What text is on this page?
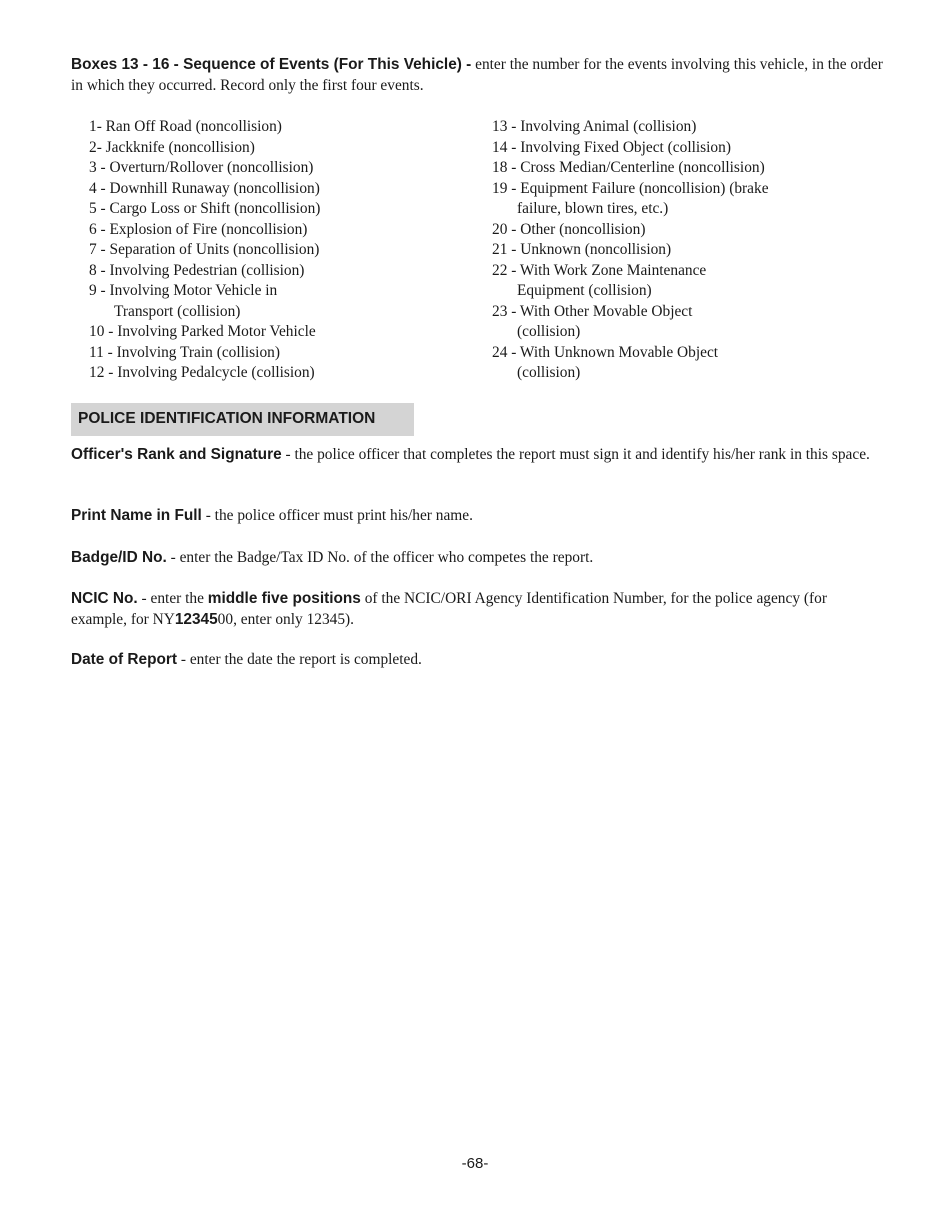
Boxes 13 - 16 - Sequence of Events (For This Vehicle) - enter the number for the events involving this vehicle, in the order in which they occurred. Record only the first four events.

1- Ran Off Road (noncollision)
2- Jackknife (noncollision)
3 - Overturn/Rollover (noncollision)
4 - Downhill Runaway (noncollision)
5 - Cargo Loss or Shift (noncollision)
6 - Explosion of Fire (noncollision)
7 - Separation of Units (noncollision)
8 - Involving Pedestrian (collision)
9 - Involving Motor Vehicle in Transport (collision)
10 - Involving Parked Motor Vehicle
11 - Involving Train (collision)
12 - Involving Pedalcycle (collision)
13 - Involving Animal (collision)
14 - Involving Fixed Object (collision)
18 - Cross Median/Centerline (noncollision)
19 - Equipment Failure (noncollision) (brake failure, blown tires, etc.)
20 - Other (noncollision)
21 - Unknown (noncollision)
22 - With Work Zone Maintenance Equipment (collision)
23 - With Other Movable Object (collision)
24 - With Unknown Movable Object (collision)
POLICE IDENTIFICATION INFORMATION

Officer's Rank and Signature - the police officer that completes the report must sign it and identify his/her rank in this space.

Print Name in Full - the police officer must print his/her name.

Badge/ID No. - enter the Badge/Tax ID No. of the officer who competes the report.

NCIC No. - enter the middle five positions of the NCIC/ORI Agency Identification Number, for the police agency (for example, for NY1234500, enter only 12345).

Date of Report - enter the date the report is completed.

-68-
